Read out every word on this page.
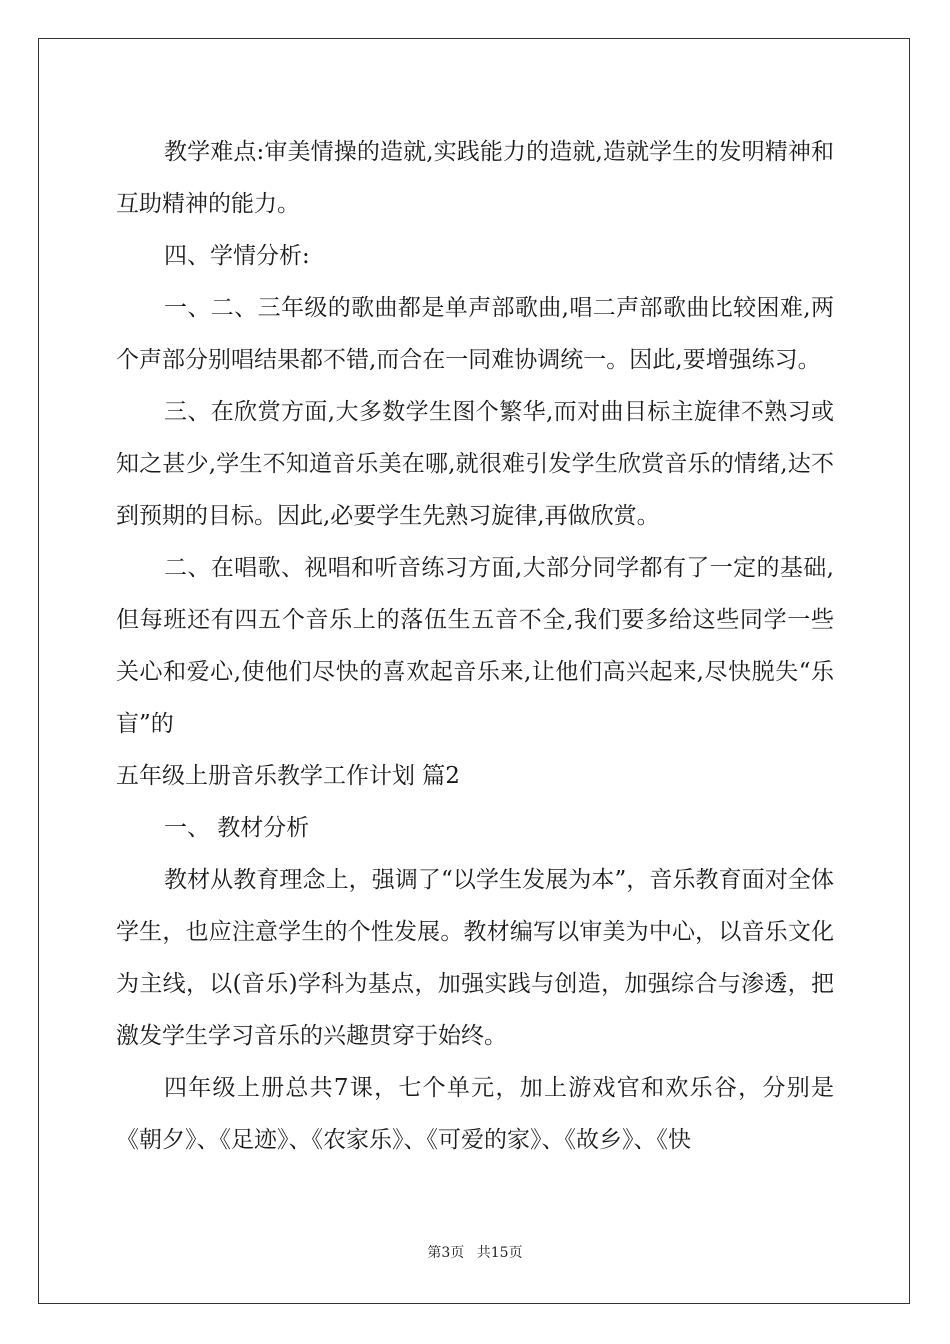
教学难点:审美情操的造就,实践能力的造就,造就学生的发明精神和互助精神的能力。

四、学情分析:

一、二、三年级的歌曲都是单声部歌曲,唱二声部歌曲比较困难,两个声部分别唱结果都不错,而合在一同难协调统一。因此,要增强练习。

三、在欣赏方面,大多数学生图个繁华,而对曲目标主旋律不熟习或知之甚少,学生不知道音乐美在哪,就很难引发学生欣赏音乐的情绪,达不到预期的目标。因此,必要学生先熟习旋律,再做欣赏。

二、在唱歌、视唱和听音练习方面,大部分同学都有了一定的基础,但每班还有四五个音乐上的落伍生五音不全,我们要多给这些同学一些关心和爱心,使他们尽快的喜欢起音乐来,让他们高兴起来,尽快脱失“乐盲”的

五年级上册音乐教学工作计划 篇2

一、 教材分析

教材从教育理念上，强调了“以学生发展为本”，音乐教育面对全体学生，也应注意学生的个性发展。教材编写以审美为中心，以音乐文化为主线，以(音乐)学科为基点，加强实践与创造，加强综合与渗透，把激发学生学习音乐的兴趣贯穿于始终。

四年级上册总共7课，七个单元，加上游戏官和欢乐谷，分别是《朝夕》、《足迹》、《农家乐》、《可爱的家》、《故乡》、《快

第3页 共15页
